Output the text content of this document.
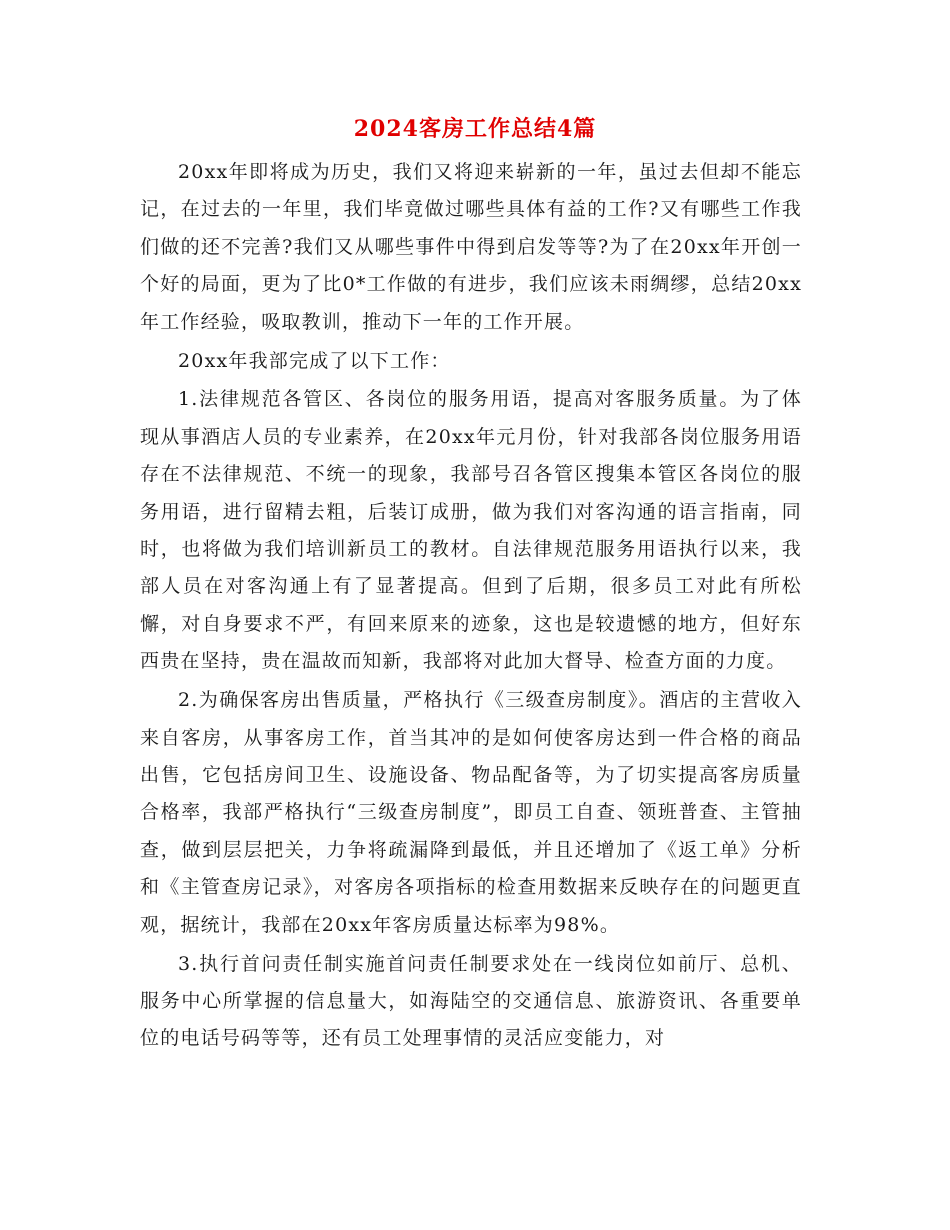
2024客房工作总结4篇

20xx年即将成为历史，我们又将迎来崭新的一年，虽过去但却不能忘记，在过去的一年里，我们毕竟做过哪些具体有益的工作?又有哪些工作我们做的还不完善?我们又从哪些事件中得到启发等等?为了在20xx年开创一个好的局面，更为了比0*工作做的有进步，我们应该未雨绸缪，总结20xx年工作经验，吸取教训，推动下一年的工作开展。

20xx年我部完成了以下工作：

1.法律规范各管区、各岗位的服务用语，提高对客服务质量。为了体现从事酒店人员的专业素养，在20xx年元月份，针对我部各岗位服务用语存在不法律规范、不统一的现象，我部号召各管区搜集本管区各岗位的服务用语，进行留精去粗，后装订成册，做为我们对客沟通的语言指南，同时，也将做为我们培训新员工的教材。自法律规范服务用语执行以来，我部人员在对客沟通上有了显著提高。但到了后期，很多员工对此有所松懈，对自身要求不严，有回来原来的迹象，这也是较遗憾的地方，但好东西贵在坚持，贵在温故而知新，我部将对此加大督导、检查方面的力度。

2.为确保客房出售质量，严格执行《三级查房制度》。酒店的主营收入来自客房，从事客房工作，首当其冲的是如何使客房达到一件合格的商品出售，它包括房间卫生、设施设备、物品配备等，为了切实提高客房质量合格率，我部严格执行“三级查房制度”，即员工自查、领班普查、主管抽查，做到层层把关，力争将疏漏降到最低，并且还增加了《返工单》分析和《主管查房记录》，对客房各项指标的检查用数据来反映存在的问题更直观，据统计，我部在20xx年客房质量达标率为98%。

3.执行首问责任制实施首问责任制要求处在一线岗位如前厅、总机、服务中心所掌握的信息量大，如海陆空的交通信息、旅游资讯、各重要单位的电话号码等等，还有员工处理事情的灵活应变能力，对
